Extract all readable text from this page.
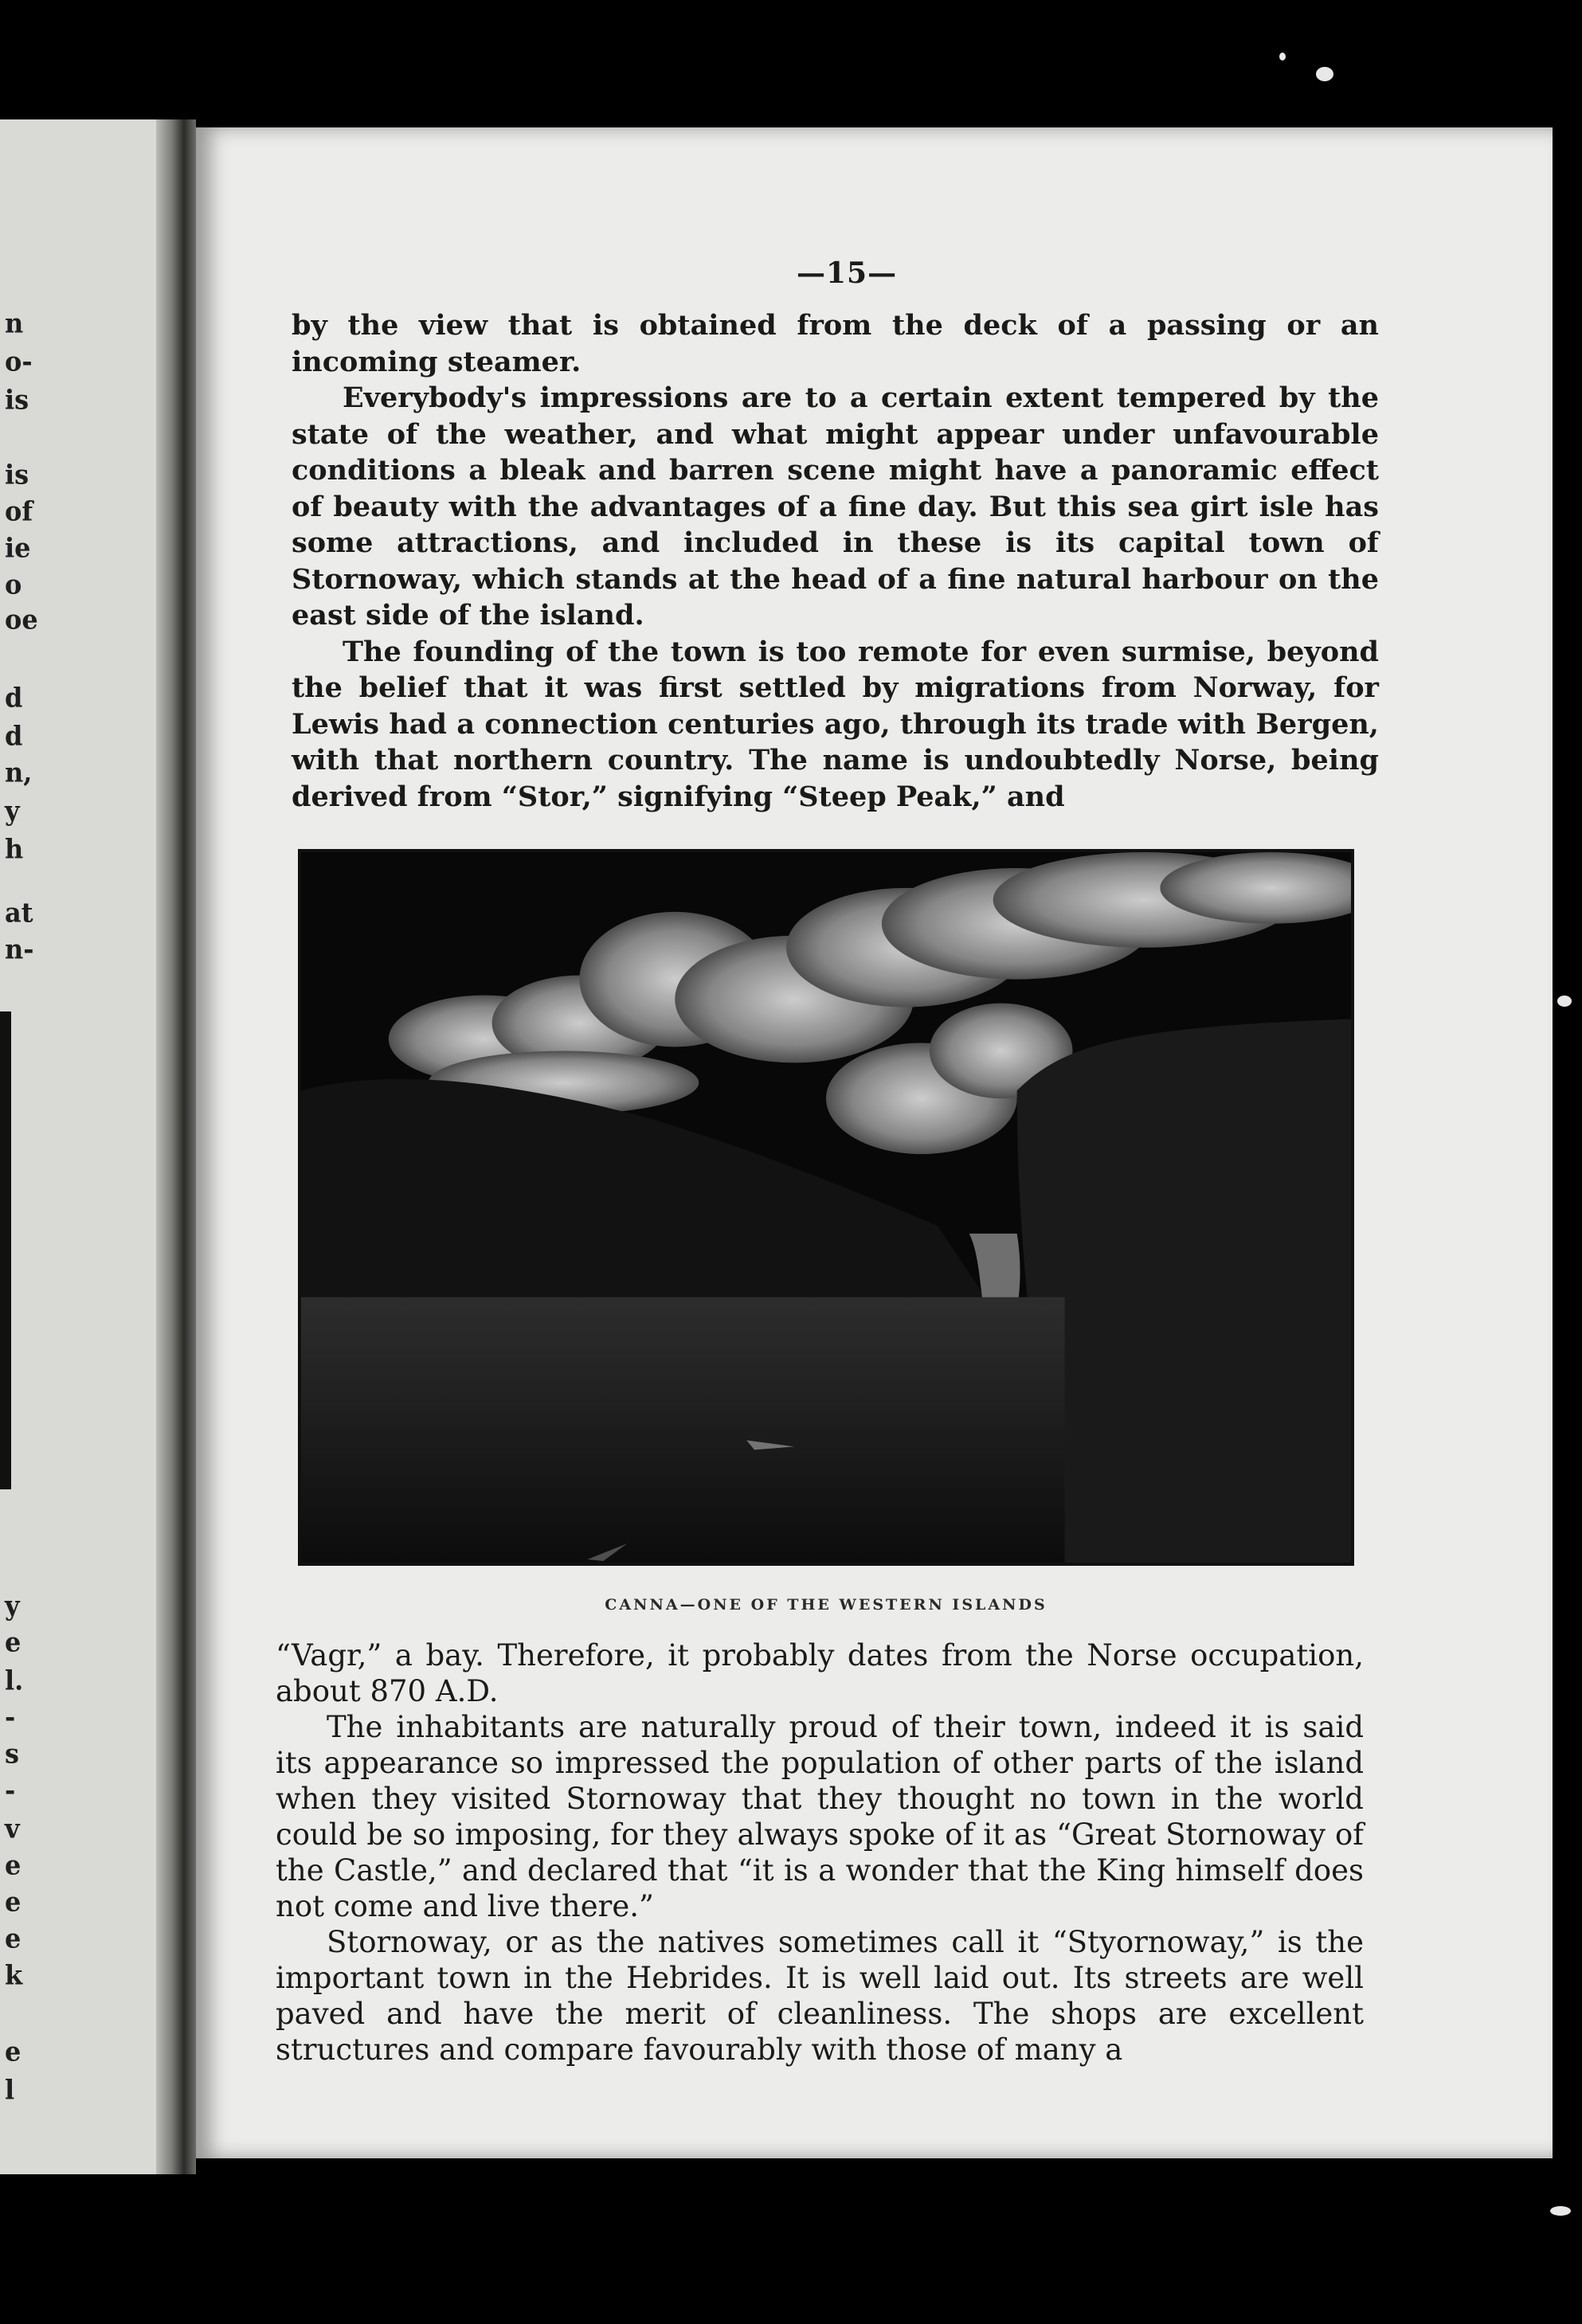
n
o-
is
is
of
ie
o
oe
d
d
n,
y
h
at
n-
y
e
l.
-
s
-
v
e
e
e
k
e
l
—15—

by the view that is obtained from the deck of a passing or an incoming steamer.

Everybody's impressions are to a certain extent tempered by the state of the weather, and what might appear under unfavourable conditions a bleak and barren scene might have a panoramic effect of beauty with the advantages of a fine day. But this sea girt isle has some attractions, and included in these is its capital town of Stornoway, which stands at the head of a fine natural harbour on the east side of the island.

The founding of the town is too remote for even surmise, beyond the belief that it was first settled by migrations from Norway, for Lewis had a connection centuries ago, through its trade with Bergen, with that northern country. The name is undoubtedly Norse, being derived from “Stor,” signifying “Steep Peak,” and

CANNA—ONE OF THE WESTERN ISLANDS

“Vagr,” a bay. Therefore, it probably dates from the Norse occupation, about 870 A.D.

The inhabitants are naturally proud of their town, indeed it is said its appearance so impressed the population of other parts of the island when they visited Stornoway that they thought no town in the world could be so imposing, for they always spoke of it as “Great Stornoway of the Castle,” and declared that “it is a wonder that the King himself does not come and live there.”

Stornoway, or as the natives sometimes call it “Styornoway,” is the important town in the Hebrides. It is well laid out. Its streets are well paved and have the merit of cleanliness. The shops are excellent structures and compare favourably with those of many a
